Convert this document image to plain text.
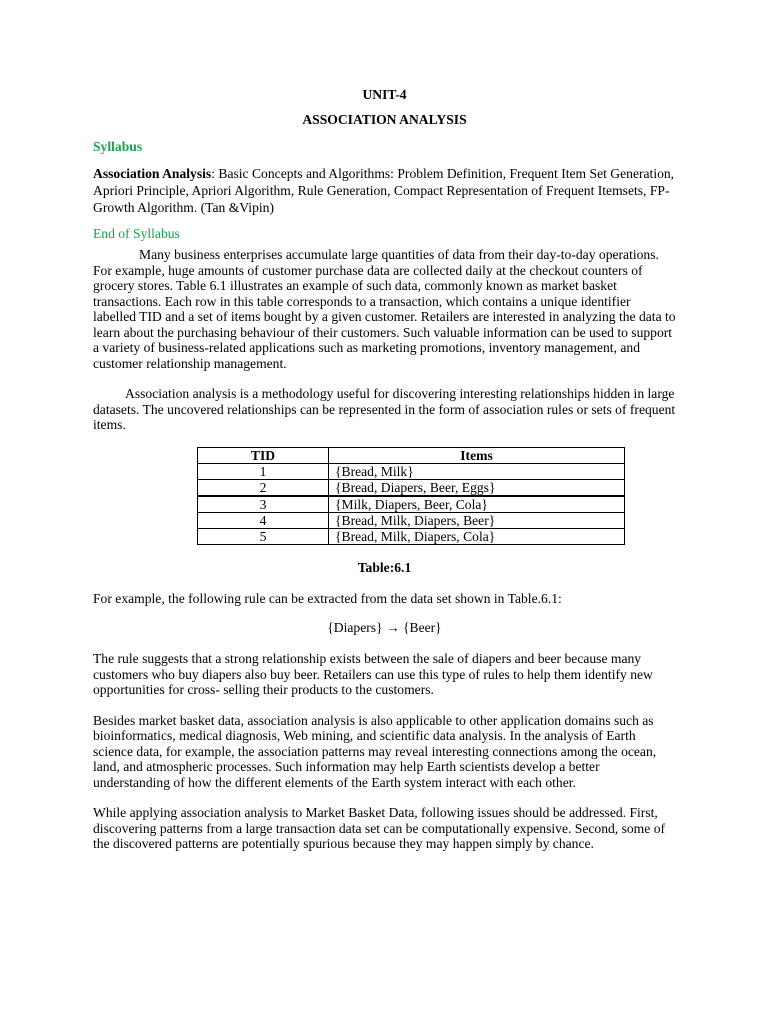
UNIT-4
ASSOCIATION ANALYSIS
Syllabus
Association Analysis: Basic Concepts and Algorithms: Problem Definition, Frequent Item Set Generation, Apriori Principle, Apriori Algorithm, Rule Generation, Compact Representation of Frequent Itemsets, FP-Growth Algorithm. (Tan &Vipin)
End of Syllabus

Many business enterprises accumulate large quantities of data from their day-to-day operations. For example, huge amounts of customer purchase data are collected daily at the checkout counters of grocery stores. Table 6.1 illustrates an example of such data, commonly known as market basket transactions. Each row in this table corresponds to a transaction, which contains a unique identifier labelled TID and a set of items bought by a given customer. Retailers are interested in analyzing the data to learn about the purchasing behaviour of their customers. Such valuable information can be used to support a variety of business-related applications such as marketing promotions, inventory management, and customer relationship management.

Association analysis is a methodology useful for discovering interesting relationships hidden in large datasets. The uncovered relationships can be represented in the form of association rules or sets of frequent items.

TID	Items
1	{Bread, Milk}
2	{Bread, Diapers, Beer, Eggs}
3	{Milk, Diapers, Beer, Cola}
4	{Bread, Milk, Diapers, Beer}
5	{Bread, Milk, Diapers, Cola}
Table:6.1

For example, the following rule can be extracted from the data set shown in Table.6.1:

{Diapers} → {Beer}

The rule suggests that a strong relationship exists between the sale of diapers and beer because many customers who buy diapers also buy beer. Retailers can use this type of rules to help them identify new opportunities for cross- selling their products to the customers.

Besides market basket data, association analysis is also applicable to other application domains such as bioinformatics, medical diagnosis, Web mining, and scientific data analysis. In the analysis of Earth science data, for example, the association patterns may reveal interesting connections among the ocean, land, and atmospheric processes. Such information may help Earth scientists develop a better understanding of how the different elements of the Earth system interact with each other.

While applying association analysis to Market Basket Data, following issues should be addressed. First, discovering patterns from a large transaction data set can be computationally expensive. Second, some of the discovered patterns are potentially spurious because they may happen simply by chance.
